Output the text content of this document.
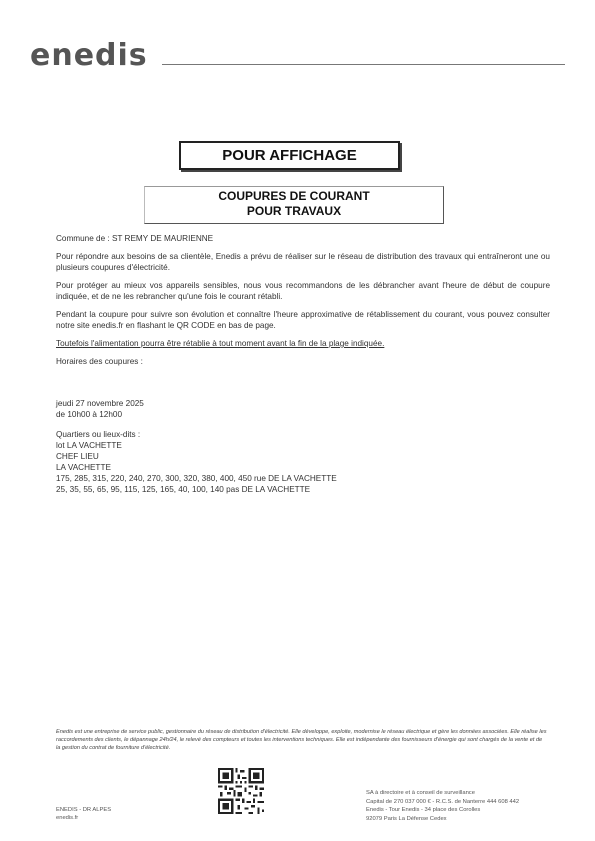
enedis
POUR AFFICHAGE
COUPURES DE COURANT
POUR TRAVAUX

Commune de : ST REMY DE MAURIENNE

Pour répondre aux besoins de sa clientèle, Enedis a prévu de réaliser sur le réseau de distribution des travaux qui entraîneront une ou plusieurs coupures d'électricité.

Pour protéger au mieux vos appareils sensibles, nous vous recommandons de les débrancher avant l'heure de début de coupure indiquée, et de ne les rebrancher qu'une fois le courant rétabli.

Pendant la coupure pour suivre son évolution et connaître l'heure approximative de rétablissement du courant, vous pouvez consulter notre site enedis.fr en flashant le QR CODE en bas de page.

Toutefois l'alimentation pourra être rétablie à tout moment avant la fin de la plage indiquée.

Horaires des coupures :

jeudi 27 novembre 2025
de 10h00 à 12h00
Quartiers ou lieux-dits :
lot LA VACHETTE
CHEF LIEU
LA VACHETTE
175, 285, 315, 220, 240, 270, 300, 320, 380, 400, 450 rue DE LA VACHETTE
25, 35, 55, 65, 95, 115, 125, 165, 40, 100, 140 pas DE LA VACHETTE
Enedis est une entreprise de service public, gestionnaire du réseau de distribution d'électricité. Elle développe, exploite, modernise le réseau électrique et gère les données associées. Elle réalise les raccordements des clients, le dépannage 24h/24, le relevé des compteurs et toutes les interventions techniques. Elle est indépendante des fournisseurs d'énergie qui sont chargés de la vente et de la gestion du contrat de fourniture d'électricité.
ENEDIS - DR ALPES
enedis.fr
SA à directoire et à conseil de surveillance
Capital de 270 037 000 € - R.C.S. de Nanterre 444 608 442
Enedis - Tour Enedis - 34 place des Corolles
92079 Paris La Défense Cedex
